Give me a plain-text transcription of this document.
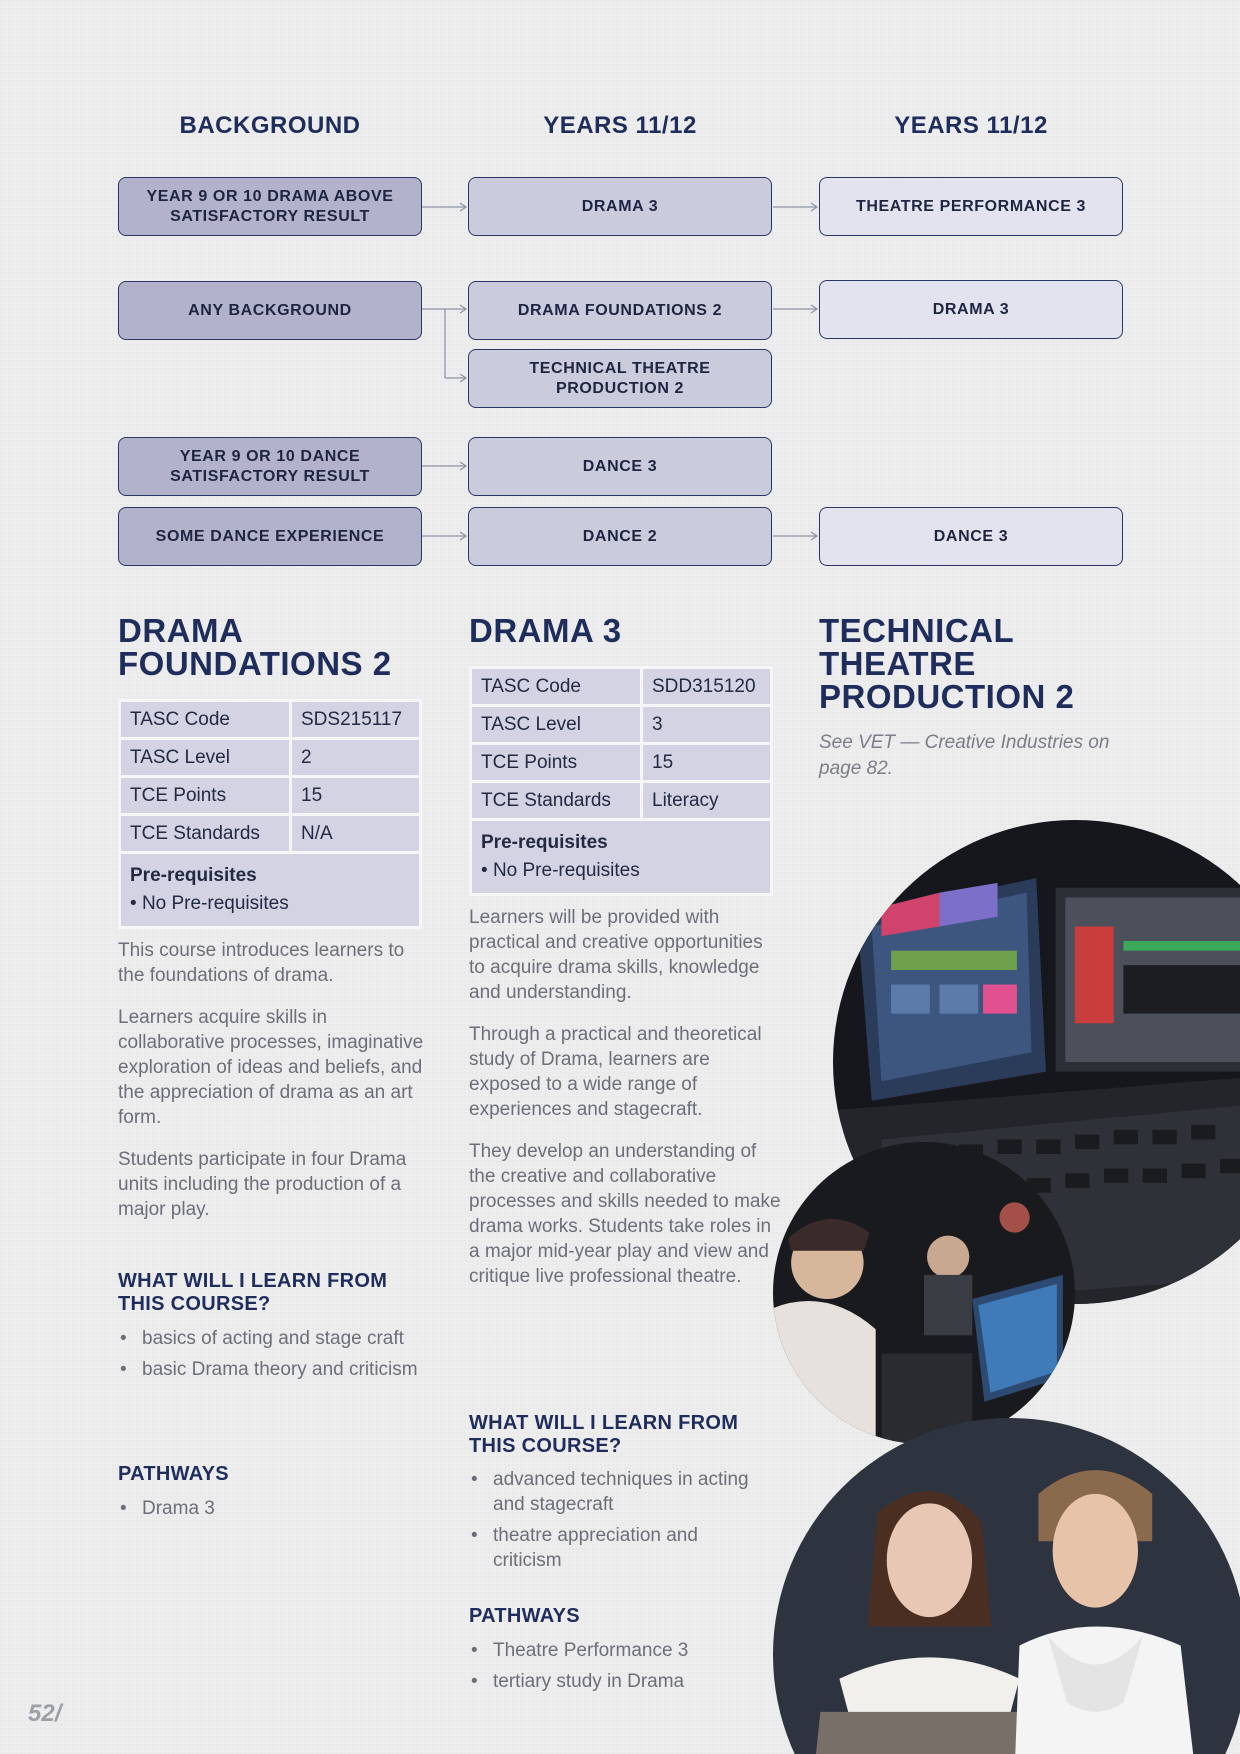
BACKGROUND	YEARS 11/12	YEARS 11/12
YEAR 9 OR 10 DRAMA ABOVE SATISFACTORY RESULT
ANY BACKGROUND
YEAR 9 OR 10 DANCE SATISFACTORY RESULT
SOME DANCE EXPERIENCE
DRAMA 3
DRAMA FOUNDATIONS 2
TECHNICAL THEATRE PRODUCTION 2
DANCE 3
DANCE 2
THEATRE PERFORMANCE 3
DRAMA 3
DANCE 3
DRAMA
FOUNDATIONS 2
TASC Code	SDS215117
TASC Level	2
TCE Points	15
TCE Standards	N/A

Pre-requisites
• No Pre-requisites	

This course introduces learners to the foundations of drama.

Learners acquire skills in collaborative processes, imaginative exploration of ideas and beliefs, and the appreciation of drama as an art form.

Students participate in four Drama units including the production of a major play.

WHAT WILL I LEARN FROM THIS COURSE?
• basics of acting and stage craft
• basic Drama theory and criticism
PATHWAYS
• Drama 3
DRAMA 3
TASC Code	SDD315120
TASC Level	3
TCE Points	15
TCE Standards	Literacy

Pre-requisites
• No Pre-requisites	

Learners will be provided with practical and creative opportunities to acquire drama skills, knowledge and understanding.

Through a practical and theoretical study of Drama, learners are exposed to a wide range of experiences and stagecraft.

They develop an understanding of the creative and collaborative processes and skills needed to make drama works. Students take roles in a major mid-year play and view and critique live professional theatre.

WHAT WILL I LEARN FROM THIS COURSE?
• advanced techniques in acting and stagecraft
• theatre appreciation and criticism
PATHWAYS
• Theatre Performance 3
• tertiary study in Drama
TECHNICAL
THEATRE
PRODUCTION 2
See VET — Creative Industries on page 82.
52/
